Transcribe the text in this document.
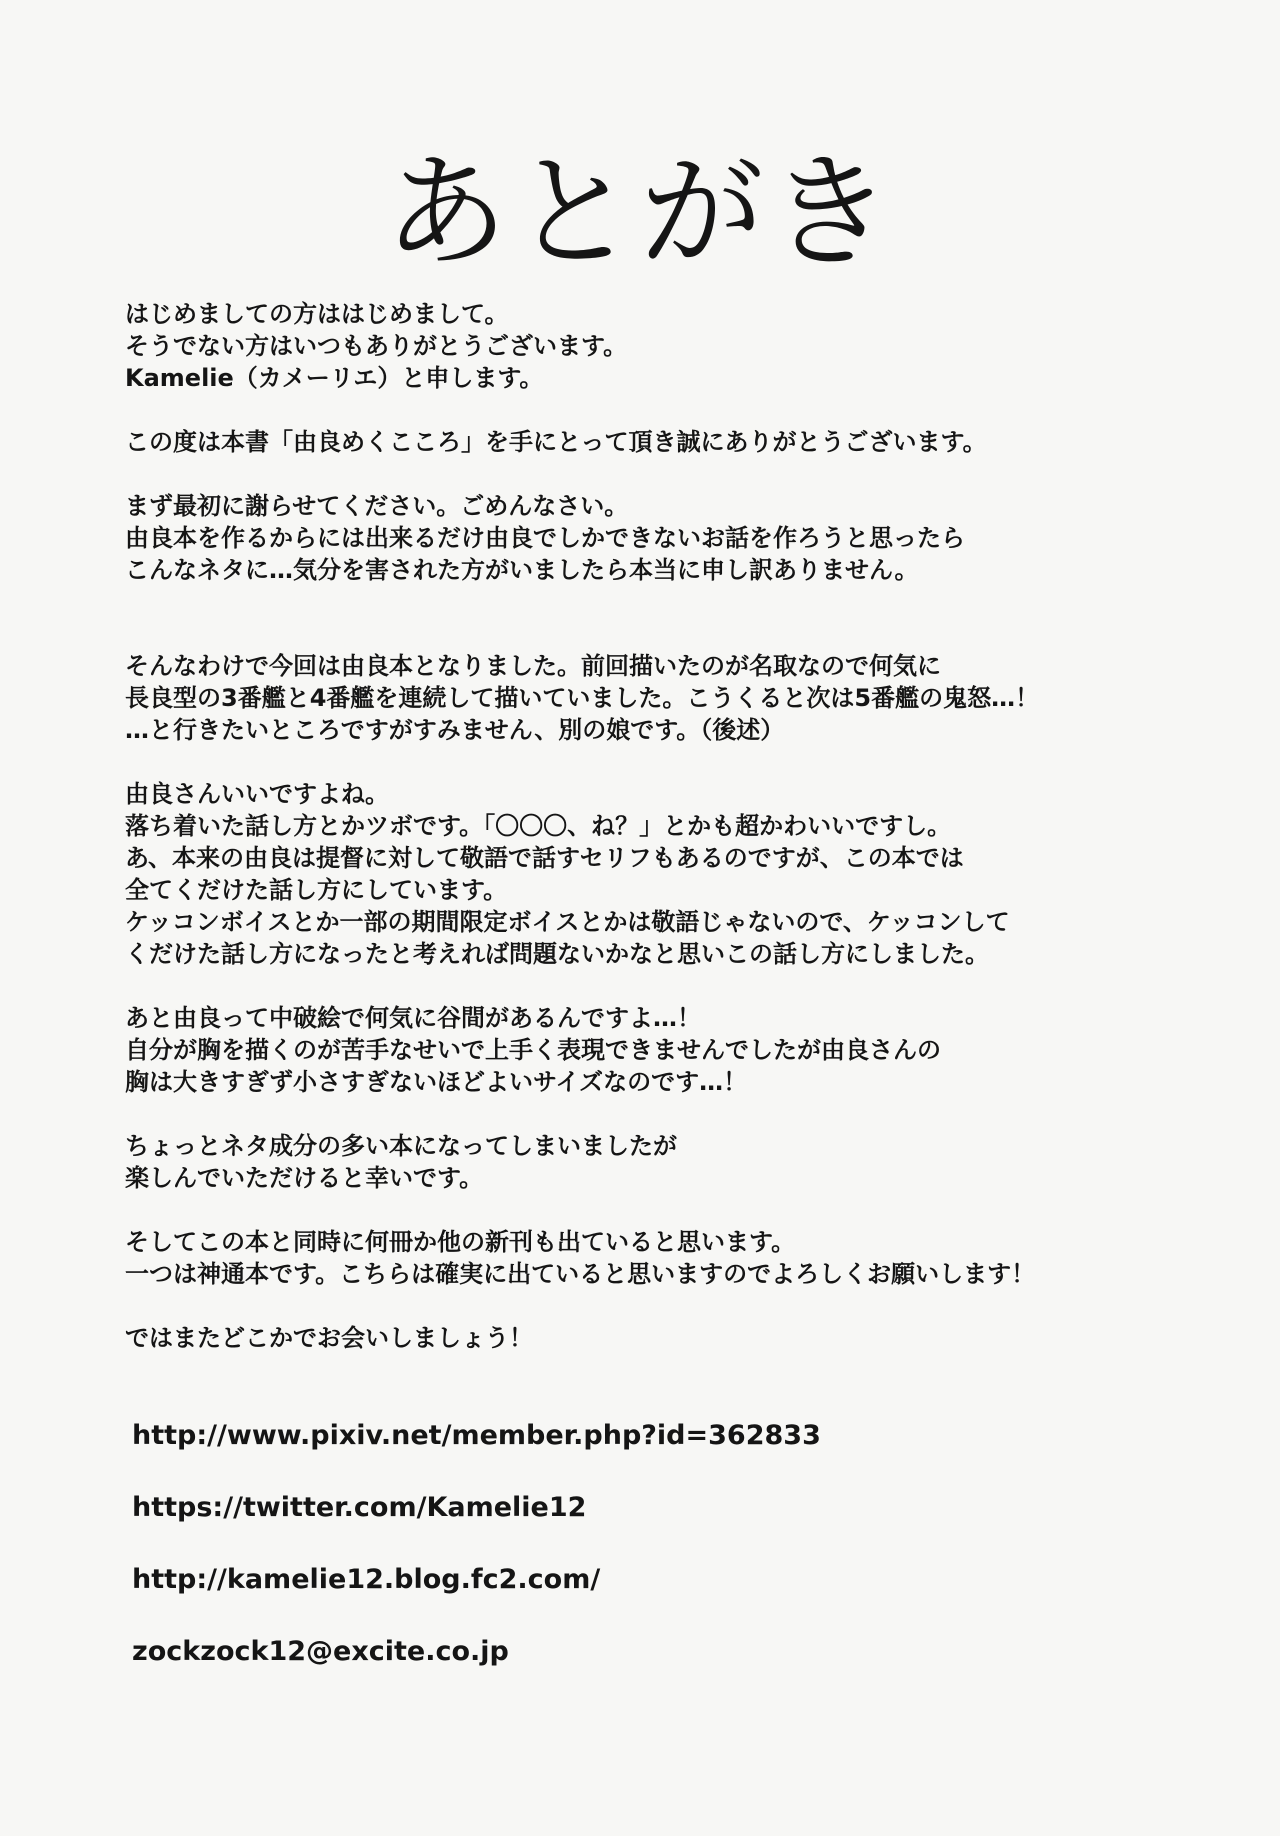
あとがき

はじめましての方ははじめまして。
そうでない方はいつもありがとうございます。
Kamelie（カメーリエ）と申します。

この度は本書「由良めくこころ」を手にとって頂き誠にありがとうございます。

まず最初に謝らせてください。ごめんなさい。
由良本を作るからには出来るだけ由良でしかできないお話を作ろうと思ったら
こんなネタに…気分を害された方がいましたら本当に申し訳ありません。

そんなわけで今回は由良本となりました。前回描いたのが名取なので何気に
長良型の3番艦と4番艦を連続して描いていました。こうくると次は5番艦の鬼怒…！
…と行きたいところですがすみません、別の娘です。（後述）

由良さんいいですよね。
落ち着いた話し方とかツボです。「〇〇〇、ね？」とかも超かわいいですし。
あ、本来の由良は提督に対して敬語で話すセリフもあるのですが、この本では
全てくだけた話し方にしています。
ケッコンボイスとか一部の期間限定ボイスとかは敬語じゃないので、ケッコンして
くだけた話し方になったと考えれば問題ないかなと思いこの話し方にしました。

あと由良って中破絵で何気に谷間があるんですよ…！
自分が胸を描くのが苦手なせいで上手く表現できませんでしたが由良さんの
胸は大きすぎず小さすぎないほどよいサイズなのです…！

ちょっとネタ成分の多い本になってしまいましたが
楽しんでいただけると幸いです。

そしてこの本と同時に何冊か他の新刊も出ていると思います。
一つは神通本です。こちらは確実に出ていると思いますのでよろしくお願いします！

ではまたどこかでお会いしましょう！

http://www.pixiv.net/member.php?id=362833
https://twitter.com/Kamelie12
http://kamelie12.blog.fc2.com/
zockzock12@excite.co.jp
